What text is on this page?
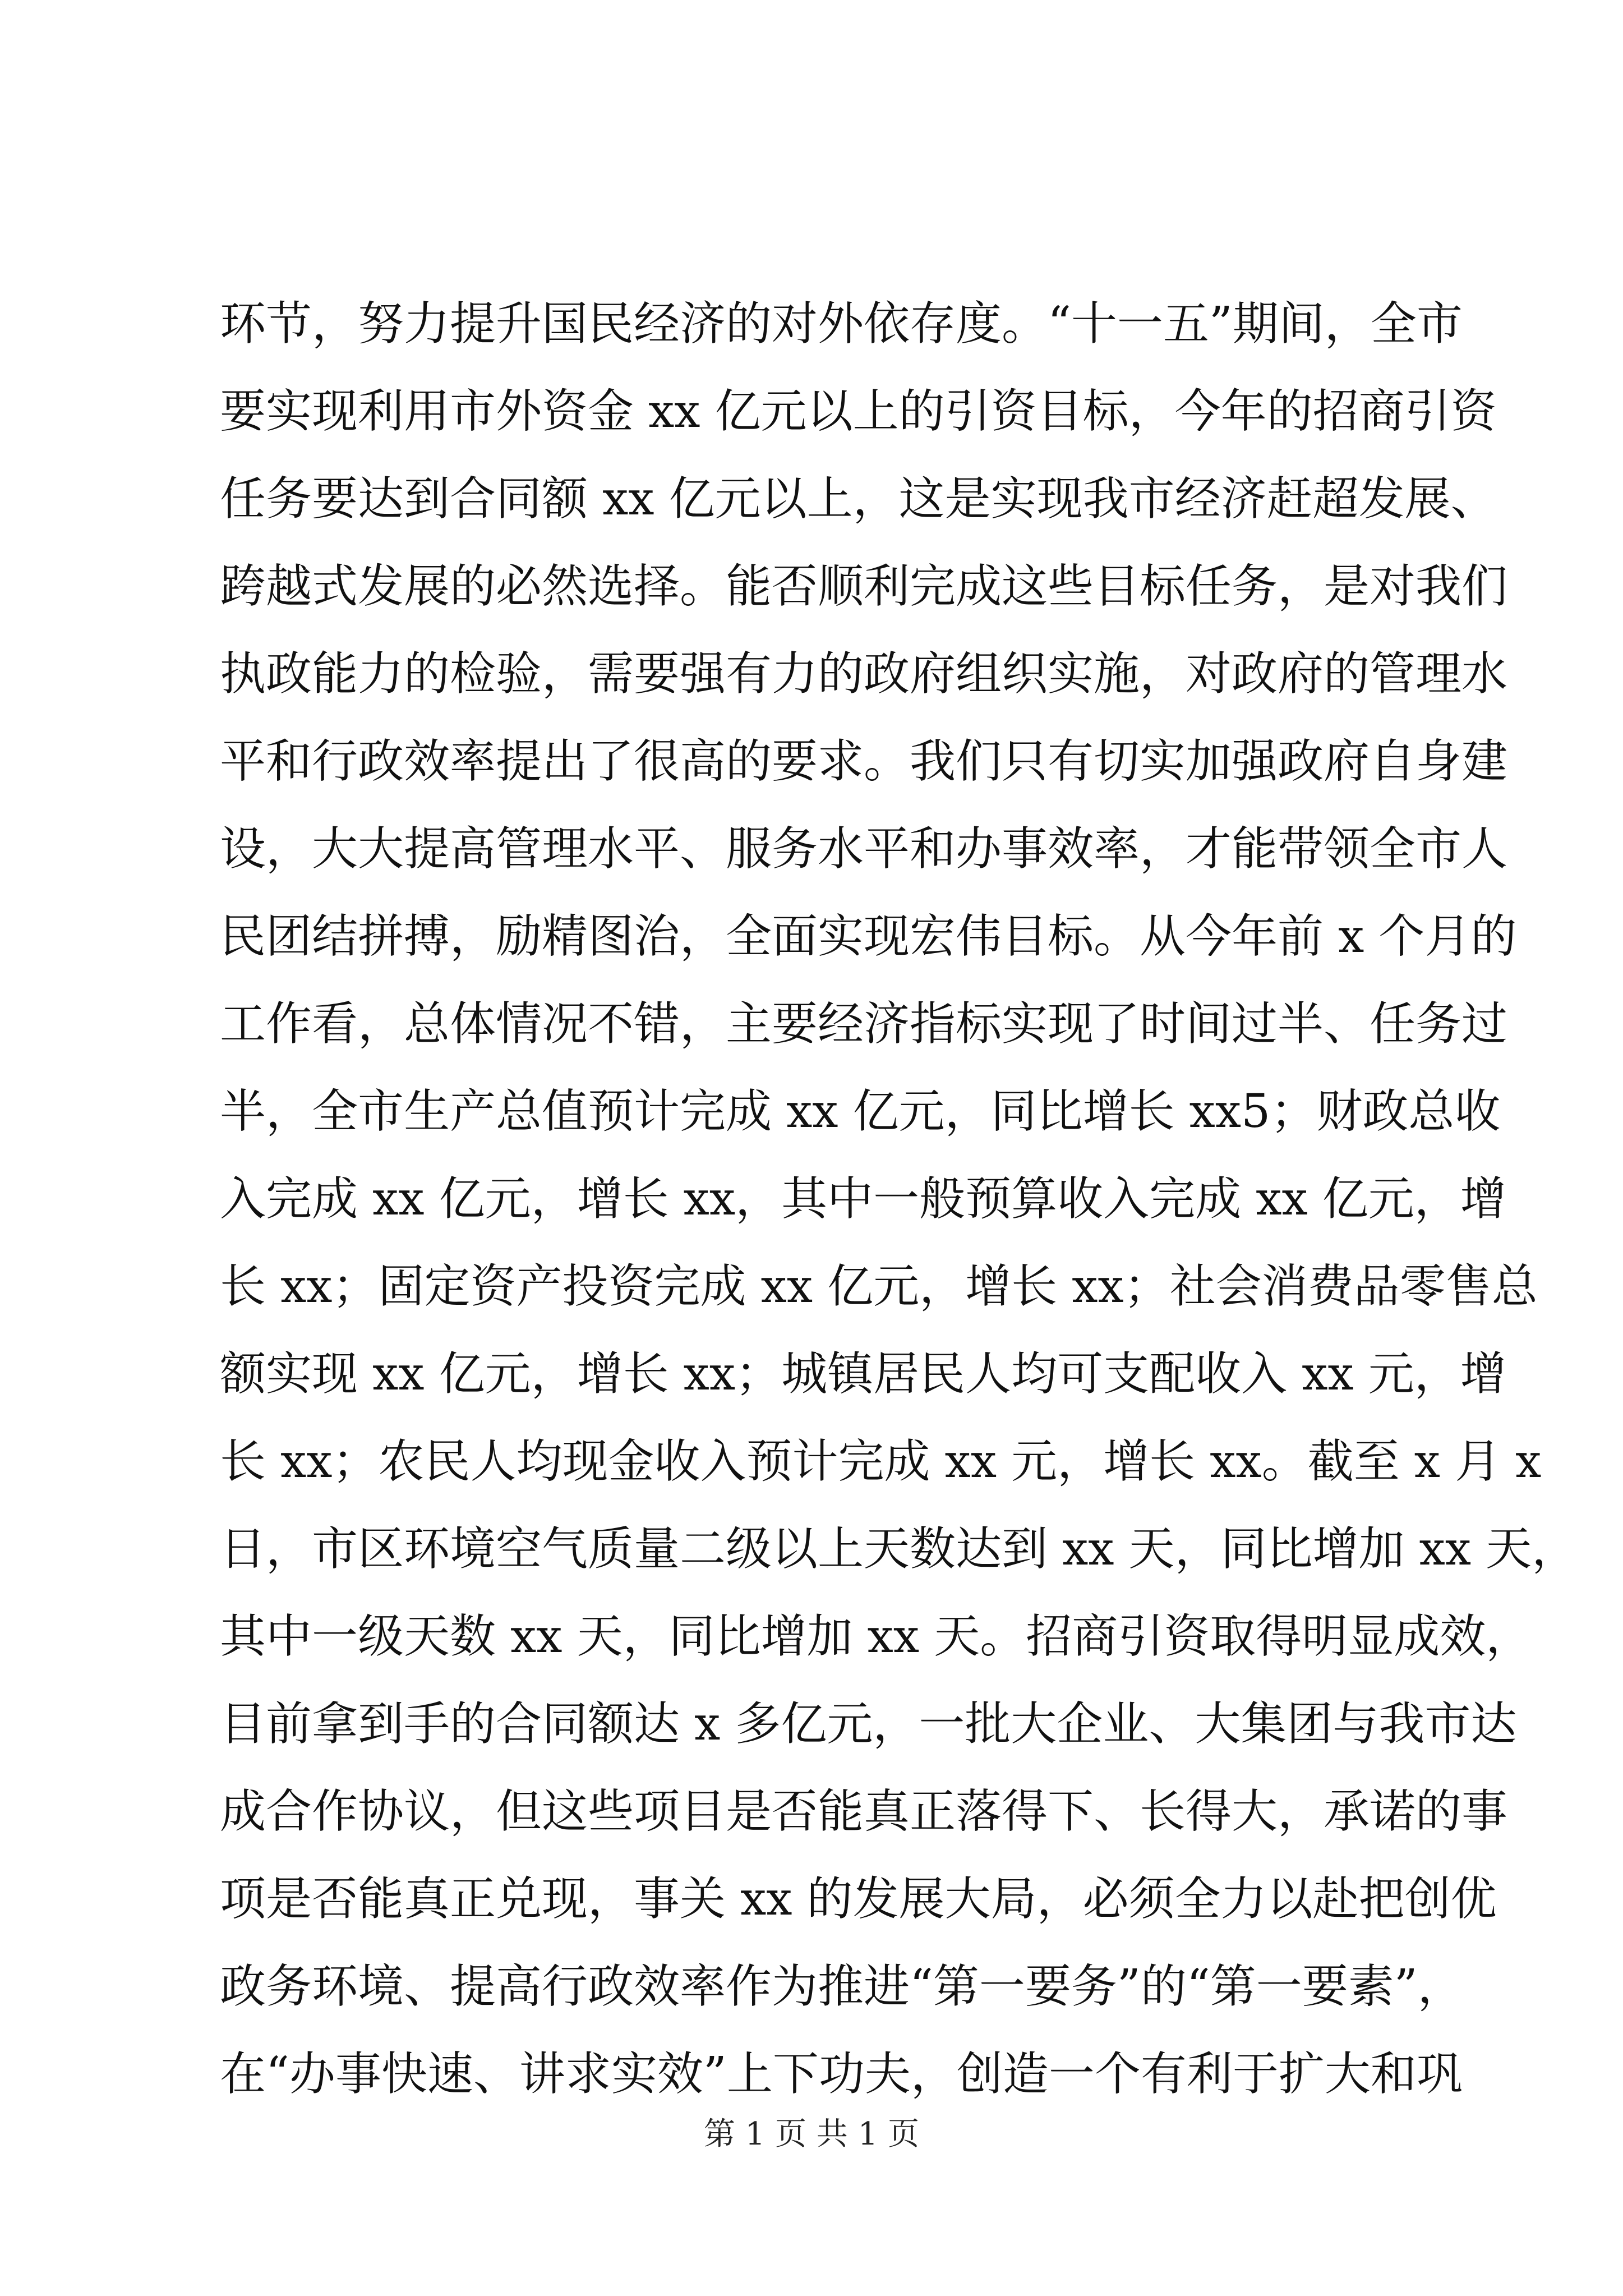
环节，努力提升国民经济的对外依存度。“十一五”期间，全市
要实现利用市外资金 xx 亿元以上的引资目标，今年的招商引资
任务要达到合同额 xx 亿元以上，这是实现我市经济赶超发展、
跨越式发展的必然选择。能否顺利完成这些目标任务，是对我们
执政能力的检验，需要强有力的政府组织实施，对政府的管理水
平和行政效率提出了很高的要求。我们只有切实加强政府自身建
设，大大提高管理水平、服务水平和办事效率，才能带领全市人
民团结拼搏，励精图治，全面实现宏伟目标。从今年前 x 个月的
工作看，总体情况不错，主要经济指标实现了时间过半、任务过
半，全市生产总值预计完成 xx 亿元，同比增长 xx5；财政总收
入完成 xx 亿元，增长 xx，其中一般预算收入完成 xx 亿元，增
长 xx；固定资产投资完成 xx 亿元，增长 xx；社会消费品零售总
额实现 xx 亿元，增长 xx；城镇居民人均可支配收入 xx 元，增
长 xx；农民人均现金收入预计完成 xx 元，增长 xx。截至 x 月 x
日，市区环境空气质量二级以上天数达到 xx 天，同比增加 xx 天，
其中一级天数 xx 天，同比增加 xx 天。招商引资取得明显成效，
目前拿到手的合同额达 x 多亿元，一批大企业、大集团与我市达
成合作协议，但这些项目是否能真正落得下、长得大，承诺的事
项是否能真正兑现，事关 xx 的发展大局，必须全力以赴把创优
政务环境、提高行政效率作为推进“第一要务”的“第一要素”，
在“办事快速、讲求实效”上下功夫，创造一个有利于扩大和巩
第 1 页 共 1 页
